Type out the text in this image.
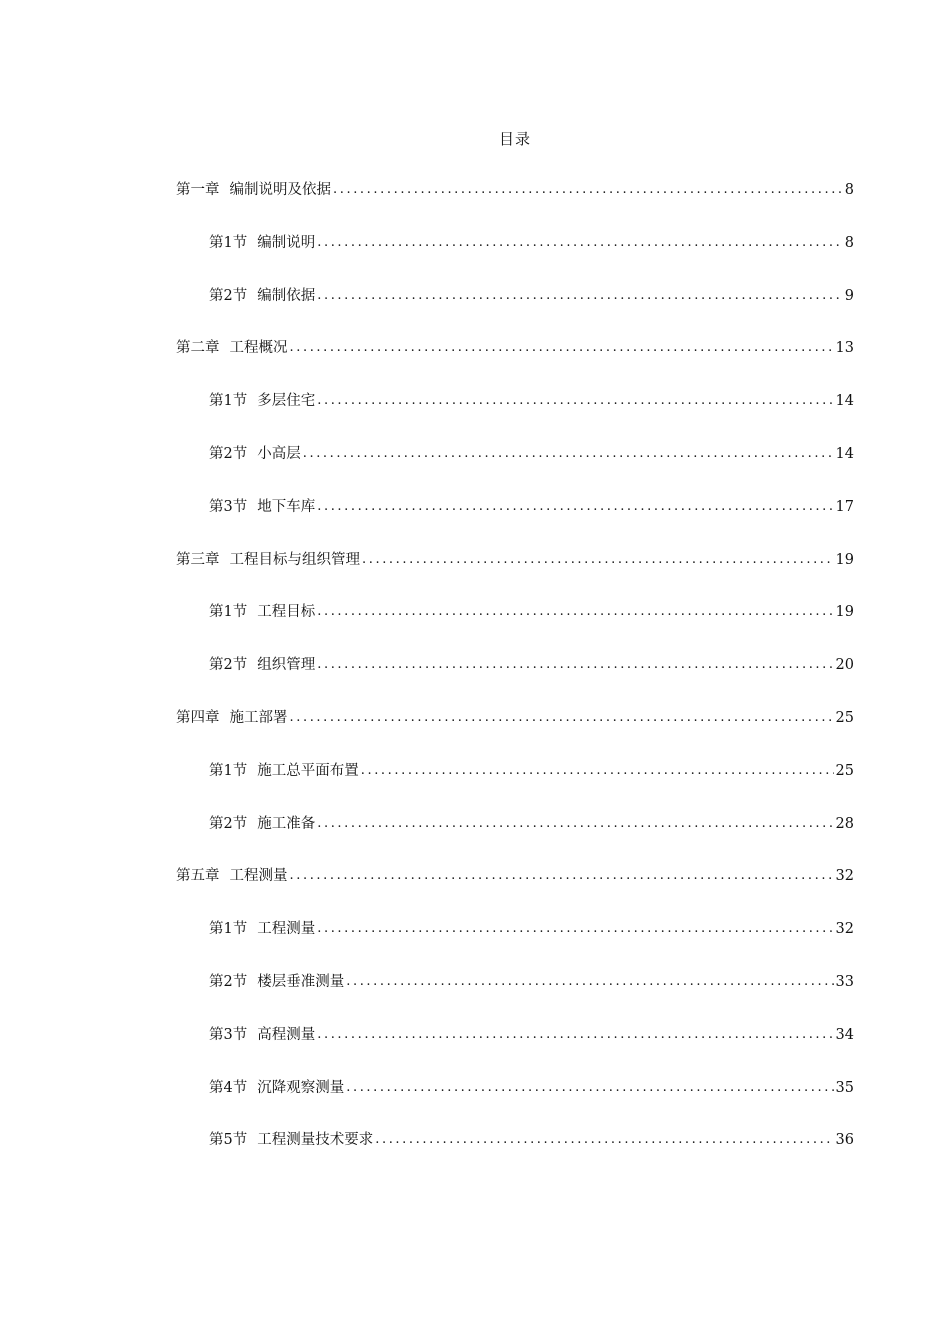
目录
第一章 编制说明及依据 .....	8
第1节 编制说明 .....	8
第2节 编制依据 .....	9
第二章 工程概况 .....	13
第1节 多层住宅 .....	14
第2节 小高层 .....	14
第3节 地下车库 .....	17
第三章 工程目标与组织管理 .....	19
第1节 工程目标 .....	19
第2节 组织管理 .....	20
第四章 施工部署 .....	25
第1节 施工总平面布置 .....	25
第2节 施工准备 .....	28
第五章 工程测量 .....	32
第1节 工程测量 .....	32
第2节 楼层垂准测量 .....	33
第3节 高程测量 .....	34
第4节 沉降观察测量 .....	35
第5节 工程测量技术要求 .....	36
